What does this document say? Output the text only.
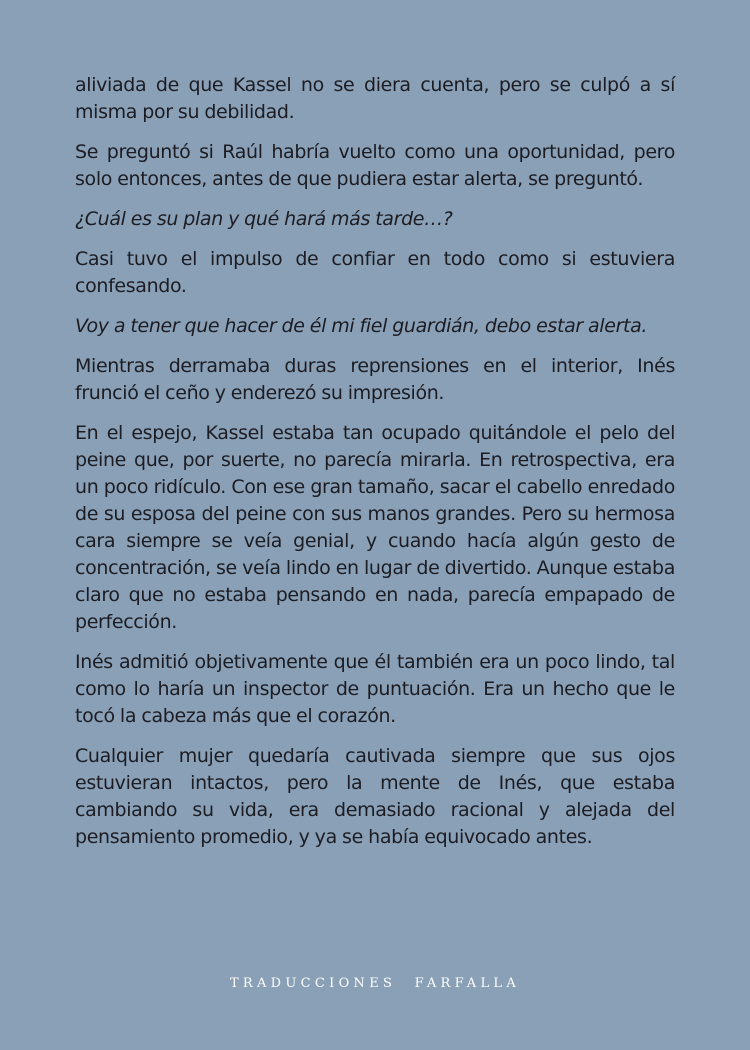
aliviada de que Kassel no se diera cuenta, pero se culpó a sí misma por su debilidad.

Se preguntó si Raúl habría vuelto como una oportunidad, pero solo entonces, antes de que pudiera estar alerta, se preguntó.

¿Cuál es su plan y qué hará más tarde…?

Casi tuvo el impulso de confiar en todo como si estuviera confesando.

Voy a tener que hacer de él mi fiel guardián, debo estar alerta.

Mientras derramaba duras reprensiones en el interior, Inés frunció el ceño y enderezó su impresión.

En el espejo, Kassel estaba tan ocupado quitándole el pelo del peine que, por suerte, no parecía mirarla. En retrospectiva, era un poco ridículo. Con ese gran tamaño, sacar el cabello enredado de su esposa del peine con sus manos grandes. Pero su hermosa cara siempre se veía genial, y cuando hacía algún gesto de concentración, se veía lindo en lugar de divertido. Aunque estaba claro que no estaba pensando en nada, parecía empapado de perfección.

Inés admitió objetivamente que él también era un poco lindo, tal como lo haría un inspector de puntuación. Era un hecho que le tocó la cabeza más que el corazón.

Cualquier mujer quedaría cautivada siempre que sus ojos estuvieran intactos, pero la mente de Inés, que estaba cambiando su vida, era demasiado racional y alejada del pensamiento promedio, y ya se había equivocado antes.

TRADUCCIONES FARFALLA
